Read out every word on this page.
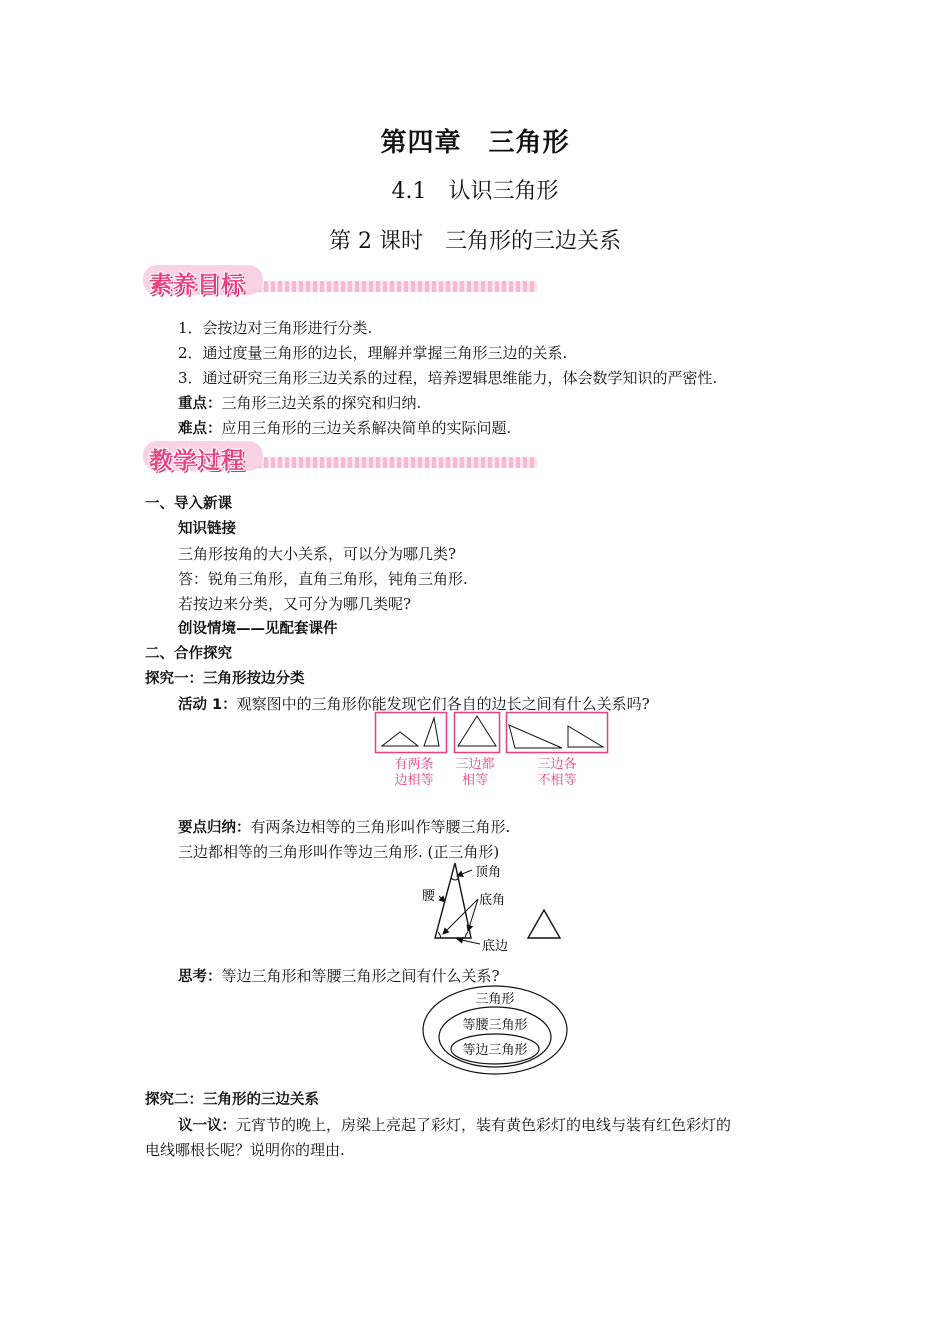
第四章　三角形
4.1　认识三角形
第 2 课时　三角形的三边关系
素养目标
1．会按边对三角形进行分类.
2．通过度量三角形的边长，理解并掌握三角形三边的关系.
3．通过研究三角形三边关系的过程，培养逻辑思维能力，体会数学知识的严密性.
重点：三角形三边关系的探究和归纳.
难点：应用三角形的三边关系解决简单的实际问题.
教学过程
一、导入新课
知识链接
三角形按角的大小关系，可以分为哪几类?
答：锐角三角形，直角三角形，钝角三角形.
若按边来分类，又可分为哪几类呢?
创设情境——见配套课件
二、合作探究
探究一：三角形按边分类
活动 1：观察图中的三角形你能发现它们各自的边长之间有什么关系吗?
有两条
边相等
三边都
相等
三边各
不相等
要点归纳：有两条边相等的三角形叫作等腰三角形.
三边都相等的三角形叫作等边三角形. (正三角形)
顶角
腰	底角
底边
思考：等边三角形和等腰三角形之间有什么关系?
三角形
等腰三角形
等边三角形
探究二：三角形的三边关系
议一议：元宵节的晚上，房梁上亮起了彩灯，装有黄色彩灯的电线与装有红色彩灯的
电线哪根长呢？说明你的理由.
